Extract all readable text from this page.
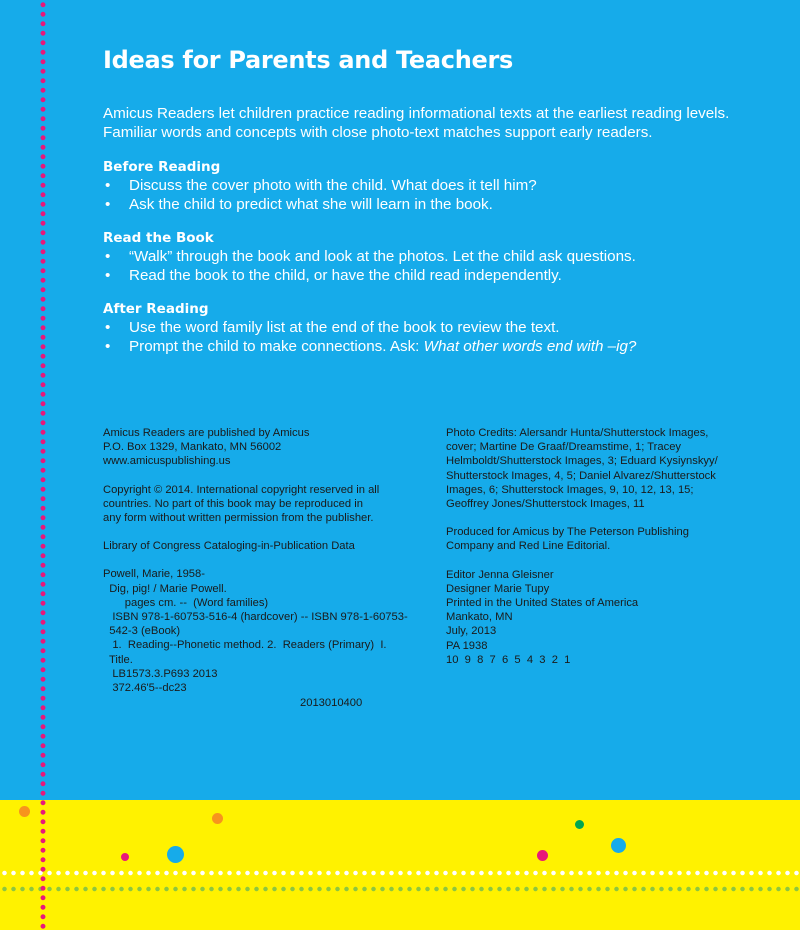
Ideas for Parents and Teachers

Amicus Readers let children practice reading informational texts at the earliest reading levels. Familiar words and concepts with close photo-text matches support early readers.

Before Reading

• Discuss the cover photo with the child. What does it tell him?
• Ask the child to predict what she will learn in the book.

Read the Book

• “Walk” through the book and look at the photos. Let the child ask questions.
• Read the book to the child, or have the child read independently.

After Reading

• Use the word family list at the end of the book to review the text.
• Prompt the child to make connections. Ask: What other words end with –ig?

Amicus Readers are published by Amicus

P.O. Box 1329, Mankato, MN 56002

www.amicuspublishing.us

Copyright © 2014. International copyright reserved in all

countries. No part of this book may be reproduced in

any form without written permission from the publisher.

Library of Congress Cataloging-in-Publication Data

Powell, Marie, 1958-

Dig, pig! / Marie Powell.

pages cm. --  (Word families)

ISBN 978-1-60753-516-4 (hardcover) -- ISBN 978-1-60753-

542-3 (eBook)

1.  Reading--Phonetic method. 2.  Readers (Primary)  I.

Title.

LB1573.3.P693 2013

372.46'5--dc23

2013010400

Photo Credits: Alersandr Hunta/Shutterstock Images,

cover; Martine De Graaf/Dreamstime, 1; Tracey

Helmboldt/Shutterstock Images, 3; Eduard Kysiynskyy/

Shutterstock Images, 4, 5; Daniel Alvarez/Shutterstock

Images, 6; Shutterstock Images, 9, 10, 12, 13, 15;

Geoffrey Jones/Shutterstock Images, 11

Produced for Amicus by The Peterson Publishing

Company and Red Line Editorial.

Editor Jenna Gleisner

Designer Marie Tupy

Printed in the United States of America

Mankato, MN

July, 2013

PA 1938

10  9  8  7  6  5  4  3  2  1
